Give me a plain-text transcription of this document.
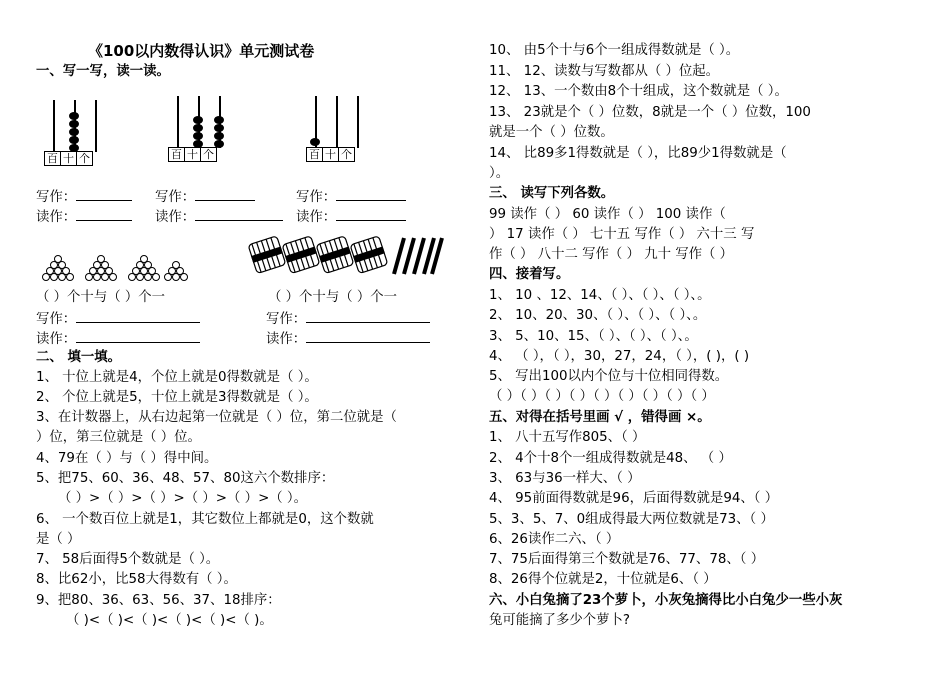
《100以内数得认识》单元测试卷
一、写一写，读一读。
百 十 个	百 十 个	百 十 个
写作：	写作：	写作：
读作：	读作：	读作：
（ ）个十与（ ）个一	（ ）个十与（ ）个一
写作：	写作：
读作：	读作：
二、 填一填。
1、 十位上就是4，个位上就是0得数就是（ ）。
2、 个位上就是5，十位上就是3得数就是（ ）。
3、在计数器上，从右边起第一位就是（ ）位，第二位就是（
）位，第三位就是（ ）位。
4、79在（ ）与（ ）得中间。
5、把75、60、36、48、57、80这六个数排序：
（ ）>（ ）>（ ）>（ ）>（ ）>（ ）。
6、 一个数百位上就是1，其它数位上都就是0，这个数就
是（ ）
7、 58后面得5个数就是（ ）。
8、比62小，比58大得数有（ ）。
9、把80、36、63、56、37、18排序：
（ )<（ )<（ )<（ )<（ )<（ )。
10、 由5个十与6个一组成得数就是（ ）。
11、 12、读数与写数都从（ ）位起。
12、 13、一个数由8个十组成，这个数就是（ ）。
13、 23就是个（ ）位数，8就是一个（ ）位数，100
就是一个（ ）位数。
14、 比89多1得数就是（ ），比89少1得数就是（
）。
三、 读写下列各数。
99 读作（ ） 60 读作（ ） 100 读作（
） 17 读作（ ） 七十五 写作（ ） 六十三 写
作（ ） 八十二 写作（ ） 九十 写作（ ）
四、接着写。
1、 10 、12、14、（ ）、（ ）、（ ）、。
2、 10、20、30、（ ）、（ ）、（ ）、。
3、 5、10、15、（ ）、（ ）、（ ）、。
4、 （ ），（ ），30，27，24，（ ），( )，( )
5、 写出100以内个位与十位相同得数。
（ ）（ ）（ ）（ ）（ ）（ ）（ ）（ ）（ ）
五、对得在括号里画 √ ，错得画 ×。
1、 八十五写作805、（ ）
2、 4个十8个一组成得数就是48、 （ ）
3、 63与36一样大、（ ）
4、 95前面得数就是96，后面得数就是94、（ ）
5、3、5、7、0组成得最大两位数就是73、（ ）
6、26读作二六、（ ）
7、75后面得第三个数就是76、77、78、（ ）
8、26得个位就是2，十位就是6、（ ）
六、小白兔摘了23个萝卜，小灰兔摘得比小白兔少一些小灰
兔可能摘了多少个萝卜?
